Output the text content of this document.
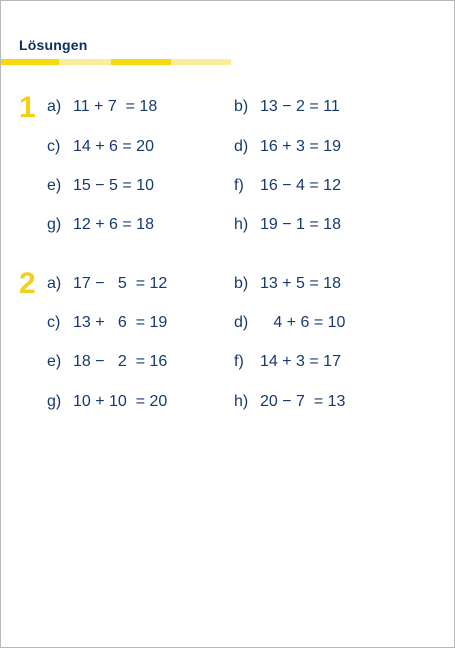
Lösungen
1 a) 11 + 7  = 18	b) 13 − 2 = 11
c) 14 + 6 = 20	d) 16 + 3 = 19
e) 15 − 5 = 10	f) 16 − 4 = 12
g) 12 + 6 = 18	h) 19 − 1 = 18
2 a) 17 −   5  = 12	b) 13 + 5 = 18
c) 13 +   6  = 19	d)   4 + 6 = 10
e) 18 −   2  = 16	f) 14 + 3 = 17
g) 10 + 10  = 20	h) 20 − 7  = 13
